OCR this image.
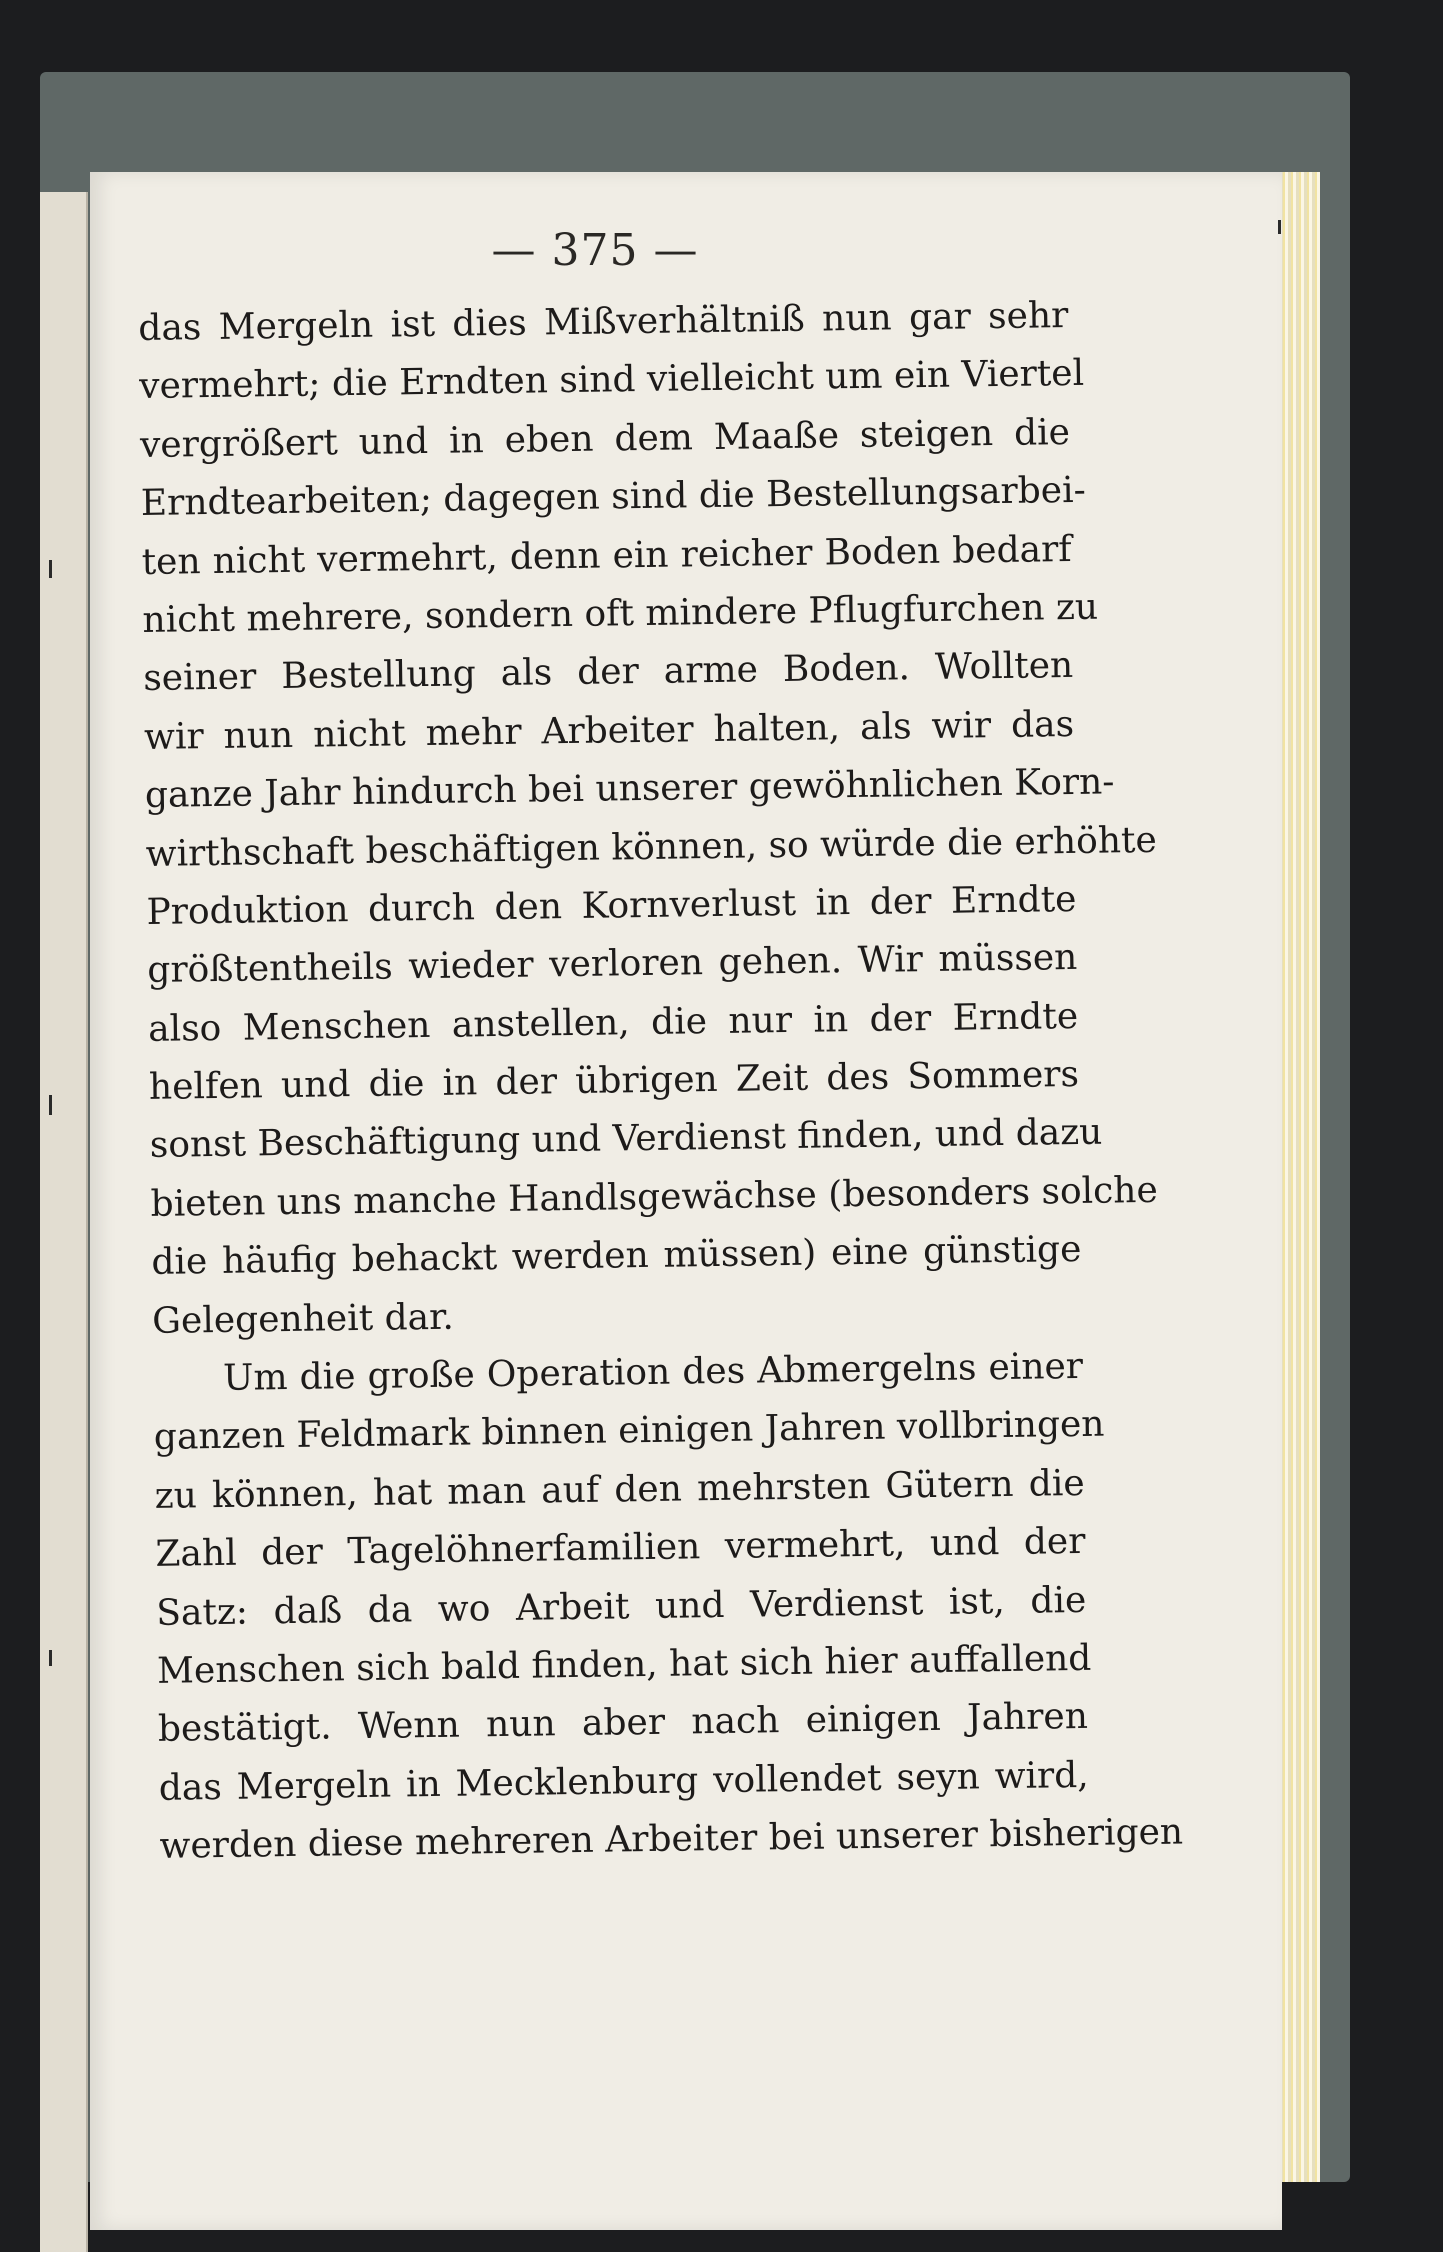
— 375 —
das Mergeln ist dies Mißverhältniß nun gar sehr
vermehrt; die Erndten sind vielleicht um ein Viertel
vergrößert und in eben dem Maaße steigen die
Erndtearbeiten; dagegen sind die Bestellungsarbei-
ten nicht vermehrt, denn ein reicher Boden bedarf
nicht mehrere, sondern oft mindere Pflugfurchen zu
seiner Bestellung als der arme Boden. Wollten
wir nun nicht mehr Arbeiter halten, als wir das
ganze Jahr hindurch bei unserer gewöhnlichen Korn-
wirthschaft beschäftigen können, so würde die erhöhte
Produktion durch den Kornverlust in der Erndte
größtentheils wieder verloren gehen. Wir müssen
also Menschen anstellen, die nur in der Erndte
helfen und die in der übrigen Zeit des Sommers
sonst Beschäftigung und Verdienst finden, und dazu
bieten uns manche Handlsgewächse (besonders solche
die häufig behackt werden müssen) eine günstige
Gelegenheit dar.
Um die große Operation des Abmergelns einer
ganzen Feldmark binnen einigen Jahren vollbringen
zu können, hat man auf den mehrsten Gütern die
Zahl der Tagelöhnerfamilien vermehrt, und der
Satz: daß da wo Arbeit und Verdienst ist, die
Menschen sich bald finden, hat sich hier auffallend
bestätigt. Wenn nun aber nach einigen Jahren
das Mergeln in Mecklenburg vollendet seyn wird,
werden diese mehreren Arbeiter bei unserer bisherigen
